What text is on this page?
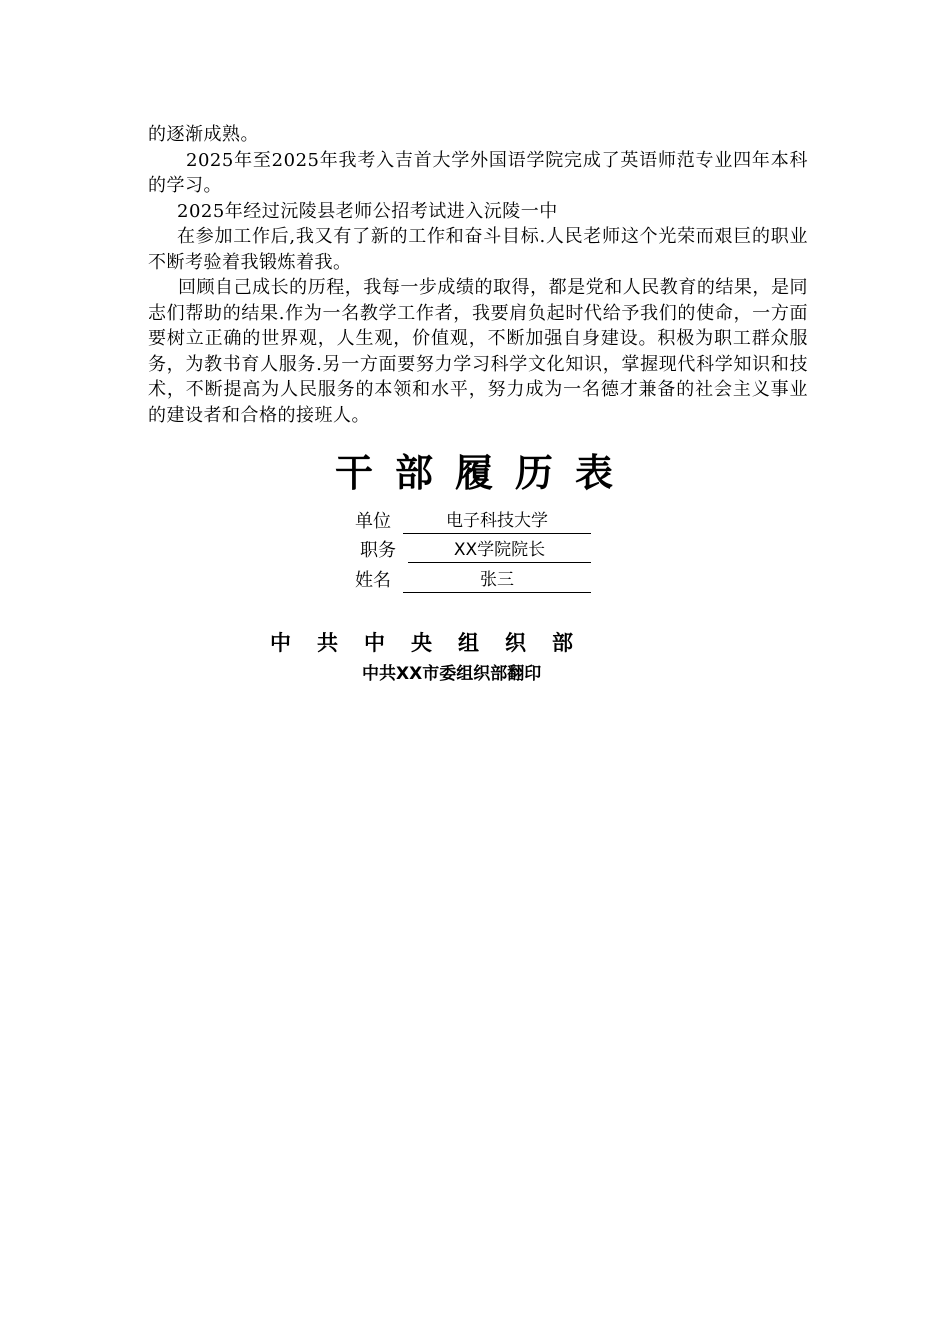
的逐渐成熟。

2025年至2025年我考入吉首大学外国语学院完成了英语师范专业四年本科的学习。

2025年经过沅陵县老师公招考试进入沅陵一中

在参加工作后,我又有了新的工作和奋斗目标.人民老师这个光荣而艰巨的职业不断考验着我锻炼着我。

回顾自己成长的历程，我每一步成绩的取得，都是党和人民教育的结果，是同志们帮助的结果.作为一名教学工作者，我要肩负起时代给予我们的使命，一方面要树立正确的世界观，人生观，价值观，不断加强自身建设。积极为职工群众服务，为教书育人服务.另一方面要努力学习科学文化知识，掌握现代科学知识和技术，不断提高为人民服务的本领和水平，努力成为一名德才兼备的社会主义事业的建设者和合格的接班人。

干部履历表
单位	电子科技大学
职务	XX学院院长
姓名	张三
中共中央组织部
中共XX市委组织部翻印
